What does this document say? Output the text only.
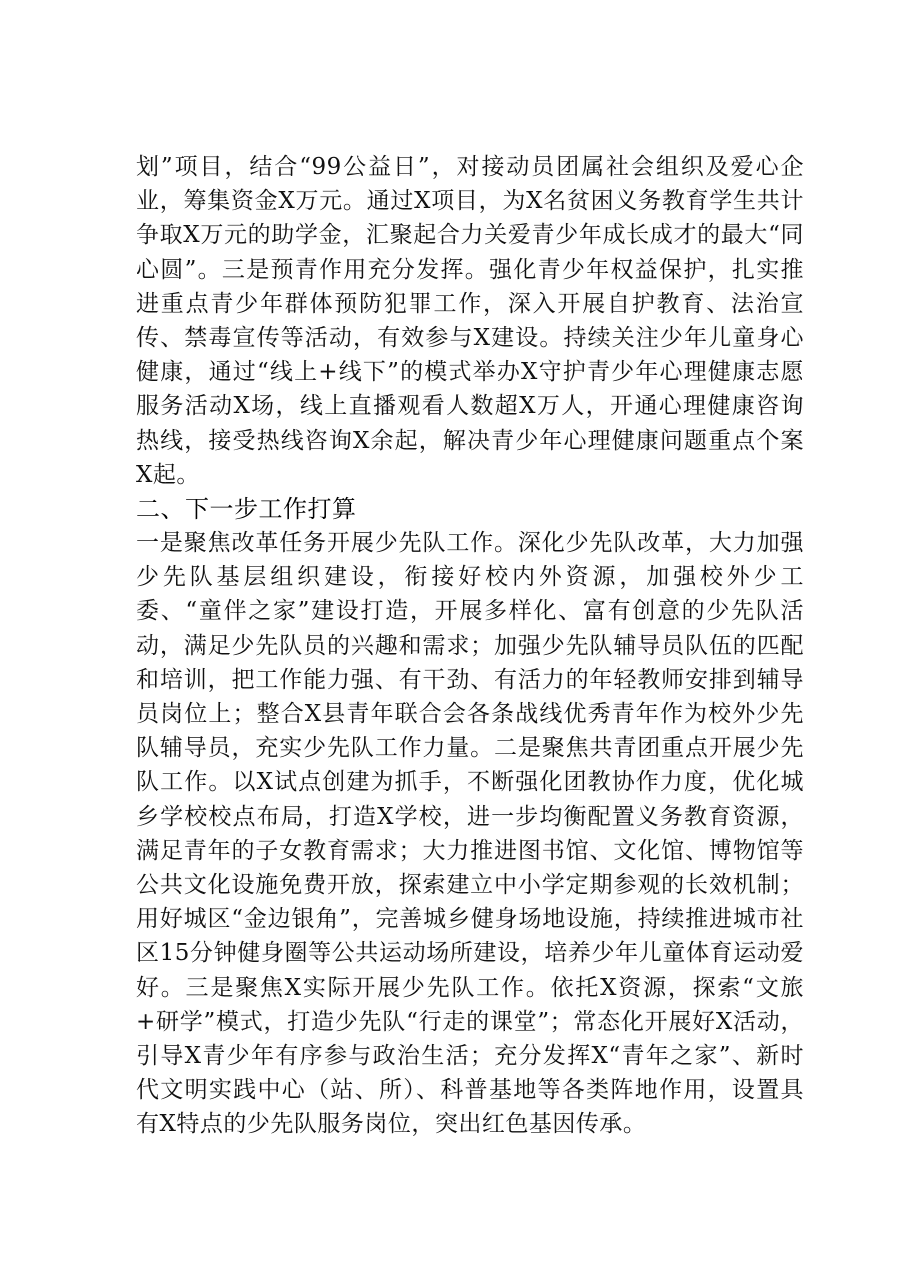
划”项目，结合“99公益日”，对接动员团属社会组织及爱心企业，筹集资金X万元。通过X项目，为X名贫困义务教育学生共计争取X万元的助学金，汇聚起合力关爱青少年成长成才的最大“同心圆”。三是预青作用充分发挥。强化青少年权益保护，扎实推进重点青少年群体预防犯罪工作，深入开展自护教育、法治宣传、禁毒宣传等活动，有效参与X建设。持续关注少年儿童身心健康，通过“线上+线下”的模式举办X守护青少年心理健康志愿服务活动X场，线上直播观看人数超X万人，开通心理健康咨询热线，接受热线咨询X余起，解决青少年心理健康问题重点个案X起。

二、下一步工作打算

一是聚焦改革任务开展少先队工作。深化少先队改革，大力加强少先队基层组织建设，衔接好校内外资源，加强校外少工委、“童伴之家”建设打造，开展多样化、富有创意的少先队活动，满足少先队员的兴趣和需求；加强少先队辅导员队伍的匹配和培训，把工作能力强、有干劲、有活力的年轻教师安排到辅导员岗位上；整合X县青年联合会各条战线优秀青年作为校外少先队辅导员，充实少先队工作力量。二是聚焦共青团重点开展少先队工作。以X试点创建为抓手，不断强化团教协作力度，优化城乡学校校点布局，打造X学校，进一步均衡配置义务教育资源，满足青年的子女教育需求；大力推进图书馆、文化馆、博物馆等公共文化设施免费开放，探索建立中小学定期参观的长效机制；用好城区“金边银角”，完善城乡健身场地设施，持续推进城市社区15分钟健身圈等公共运动场所建设，培养少年儿童体育运动爱好。三是聚焦X实际开展少先队工作。依托X资源，探索“文旅+研学”模式，打造少先队“行走的课堂”；常态化开展好X活动，引导X青少年有序参与政治生活；充分发挥X“青年之家”、新时代文明实践中心（站、所）、科普基地等各类阵地作用，设置具有X特点的少先队服务岗位，突出红色基因传承。
